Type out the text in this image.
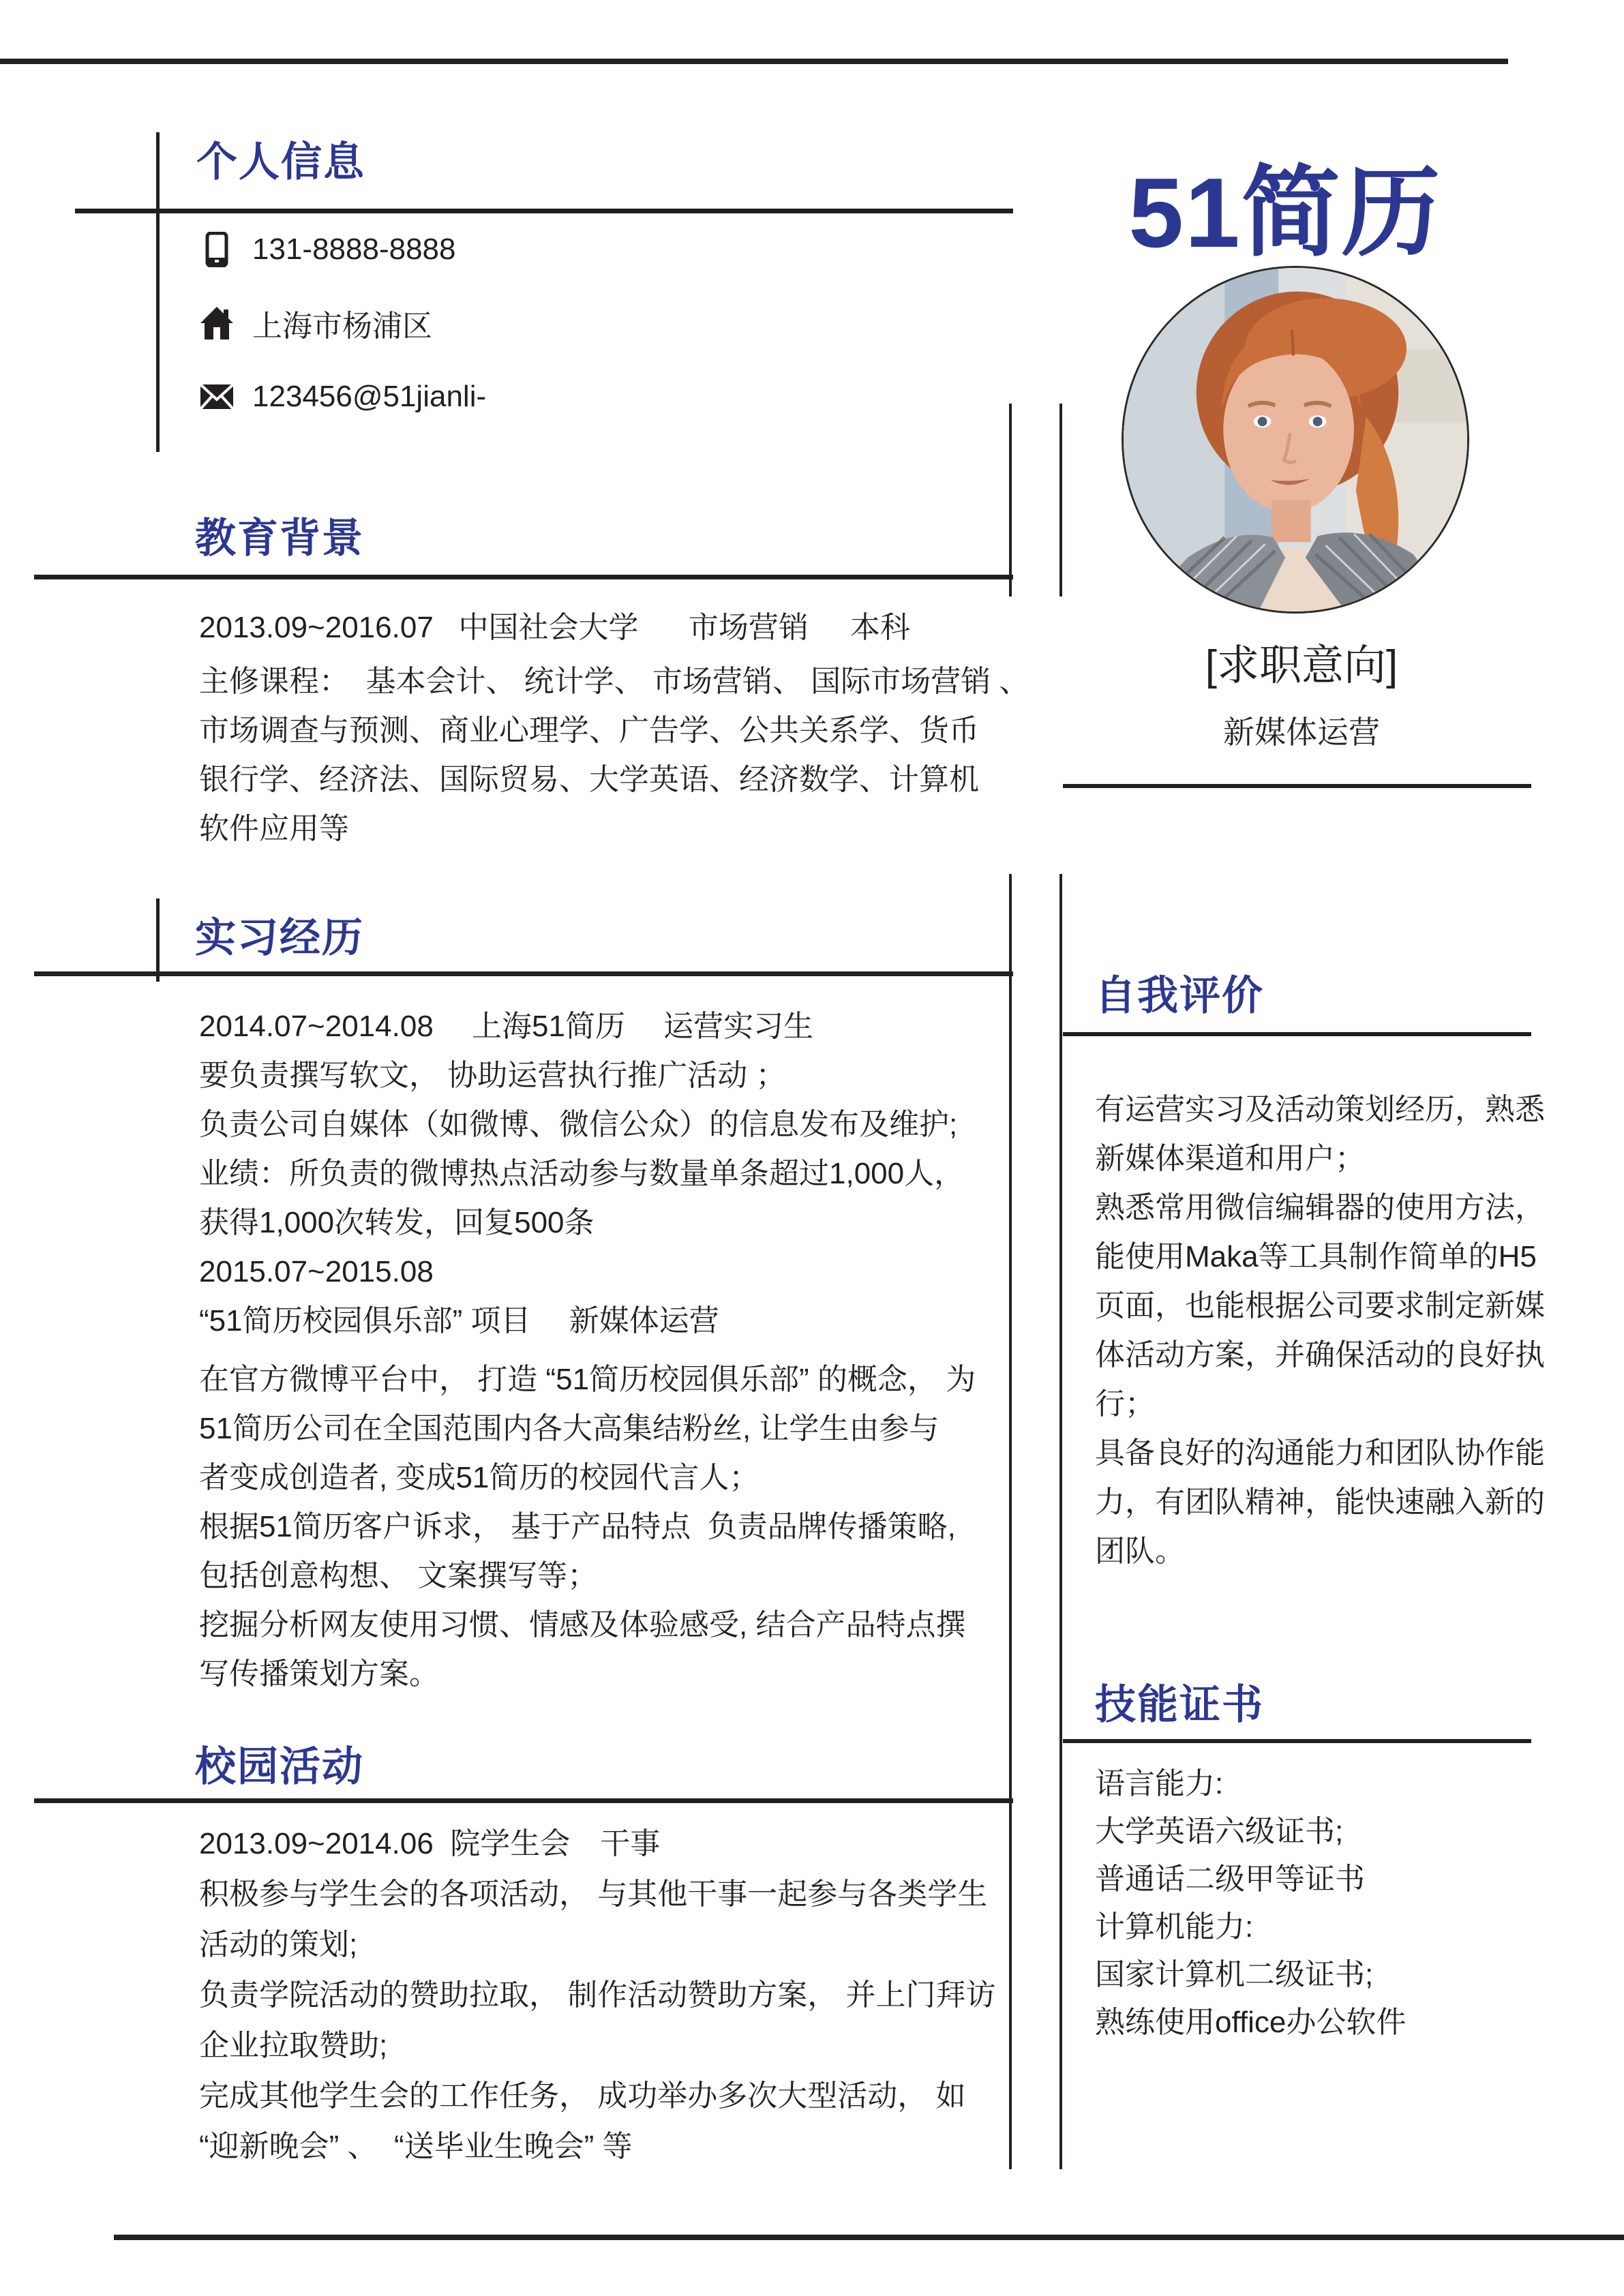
51简历
[求职意向]
新媒体运营
个人信息
131-8888-8888
上海市杨浦区
123456@51jianli-
教育背景
2013.09~2016.07   中国社会大学      市场营销     本科
主修课程：  基本会计、 统计学、 市场营销、 国际市场营销 、
市场调查与预测、商业心理学、广告学、公共关系学、货币
银行学、经济法、国际贸易、大学英语、经济数学、计算机
软件应用等
实习经历
2014.07~2014.08　 上海51简历　 运营实习生
要负责撰写软文， 协助运营执行推广活动 ；
负责公司自媒体（如微博、微信公众）的信息发布及维护;
业绩：所负责的微博热点活动参与数量单条超过1,000人，
获得1,000次转发，回复500条
2015.07~2015.08
“51简历校园俱乐部” 项目　 新媒体运营
在官方微博平台中， 打造 “51简历校园俱乐部” 的概念， 为
51简历公司在全国范围内各大高集结粉丝, 让学生由参与
者变成创造者, 变成51简历的校园代言人；
根据51简历客户诉求， 基于产品特点  负责品牌传播策略,
包括创意构想、 文案撰写等；
挖掘分析网友使用习惯、情感及体验感受, 结合产品特点撰
写传播策划方案。
校园活动
2013.09~2014.06  院学生会　干事
积极参与学生会的各项活动， 与其他干事一起参与各类学生
活动的策划;
负责学院活动的赞助拉取， 制作活动赞助方案， 并上门拜访
企业拉取赞助;
完成其他学生会的工作任务， 成功举办多次大型活动， 如
“迎新晚会” 、  “送毕业生晚会” 等
自我评价
有运营实习及活动策划经历，熟悉
新媒体渠道和用户；
熟悉常用微信编辑器的使用方法，
能使用Maka等工具制作简单的H5
页面，也能根据公司要求制定新媒
体活动方案，并确保活动的良好执
行；
具备良好的沟通能力和团队协作能
力，有团队精神，能快速融入新的
团队。
技能证书
语言能力:
大学英语六级证书;
普通话二级甲等证书
计算机能力:
国家计算机二级证书;
熟练使用office办公软件
